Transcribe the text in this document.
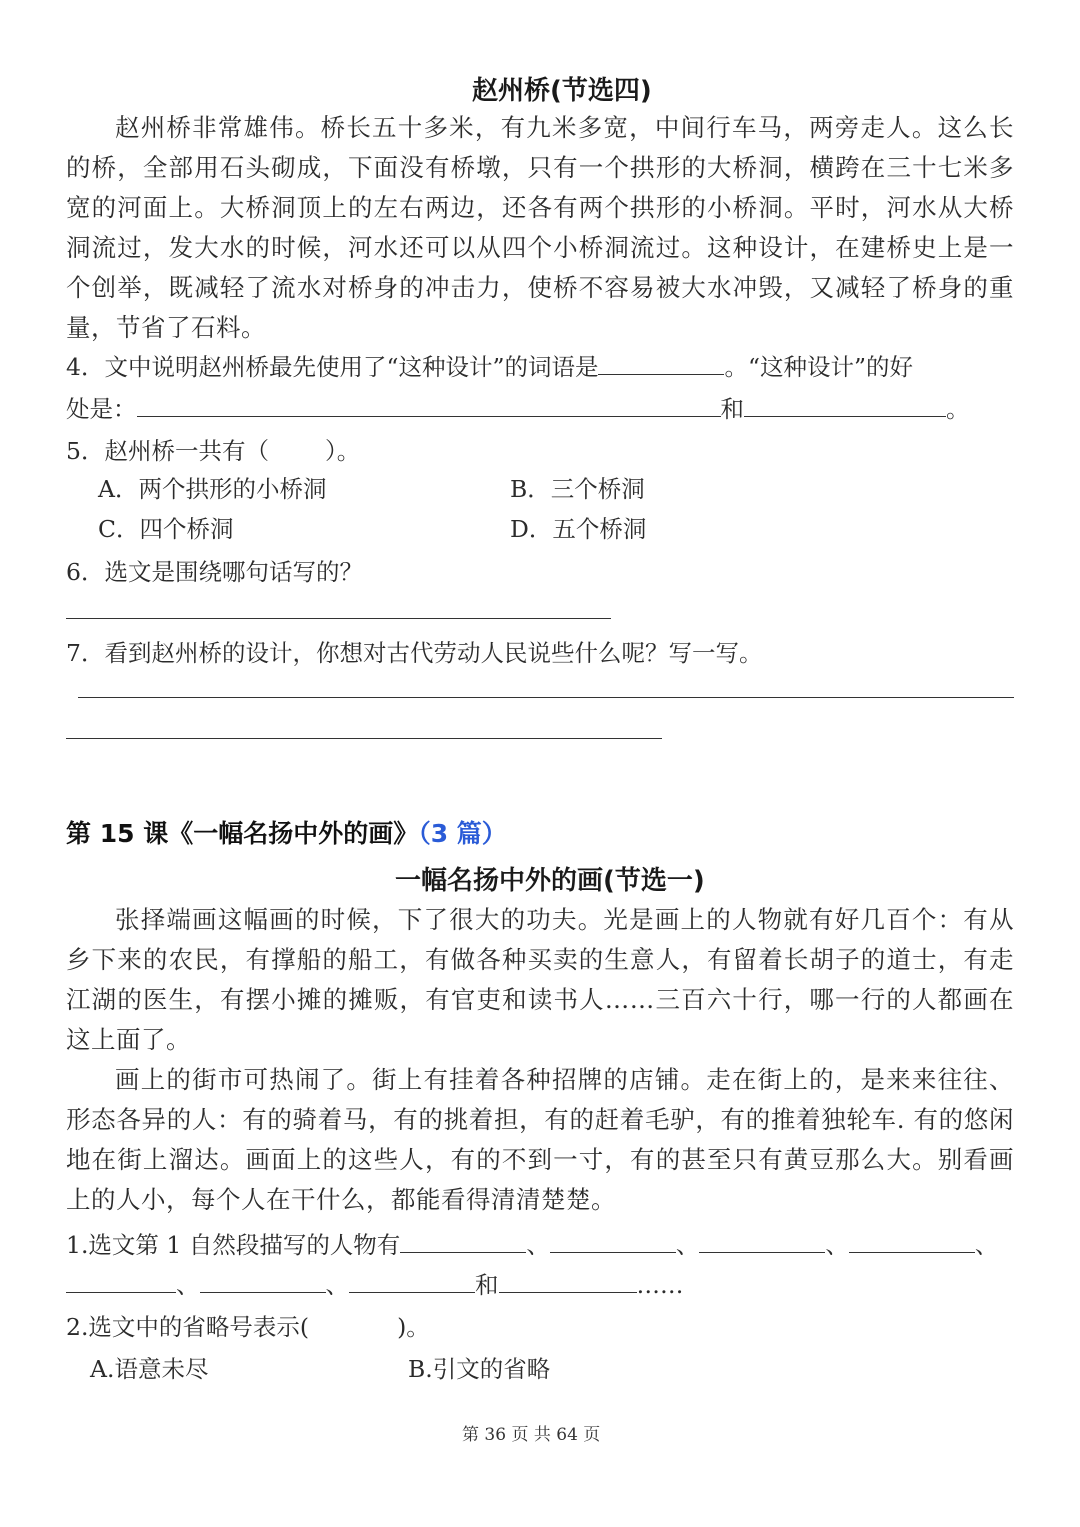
赵州桥(节选四)
赵州桥非常雄伟。桥长五十多米，有九米多宽，中间行车马，两旁走人。这么长的桥，全部用石头砌成，下面没有桥墩，只有一个拱形的大桥洞，横跨在三十七米多宽的河面上。大桥洞顶上的左右两边，还各有两个拱形的小桥洞。平时，河水从大桥洞流过，发大水的时候，河水还可以从四个小桥洞流过。这种设计，在建桥史上是一个创举，既减轻了流水对桥身的冲击力，使桥不容易被大水冲毁，又减轻了桥身的重量，节省了石料。
4．文中说明赵州桥最先使用了“这种设计”的词语是	。“这种设计”的好
处是：	和	。
5．赵州桥一共有（ ）。
A．两个拱形的小桥洞	B．三个桥洞
C．四个桥洞	D．五个桥洞
6．选文是围绕哪句话写的？
7．看到赵州桥的设计，你想对古代劳动人民说些什么呢？写一写。
第 15 课《一幅名扬中外的画》（3 篇）
一幅名扬中外的画(节选一)
张择端画这幅画的时候，下了很大的功夫。光是画上的人物就有好几百个：有从乡下来的农民，有撑船的船工，有做各种买卖的生意人，有留着长胡子的道士，有走江湖的医生，有摆小摊的摊贩，有官吏和读书人……三百六十行，哪一行的人都画在这上面了。
画上的街市可热闹了。街上有挂着各种招牌的店铺。走在街上的，是来来往往、形态各异的人：有的骑着马，有的挑着担，有的赶着毛驴，有的推着独轮车. 有的悠闲地在街上溜达。画面上的这些人，有的不到一寸，有的甚至只有黄豆那么大。别看画上的人小，每个人在干什么，都能看得清清楚楚。
1.选文第 1 自然段描写的人物有	、	、	、	、
、	、	和	……
2.选文中的省略号表示(	)。
A.语意未尽	B.引文的省略
第 36 页 共 64 页
